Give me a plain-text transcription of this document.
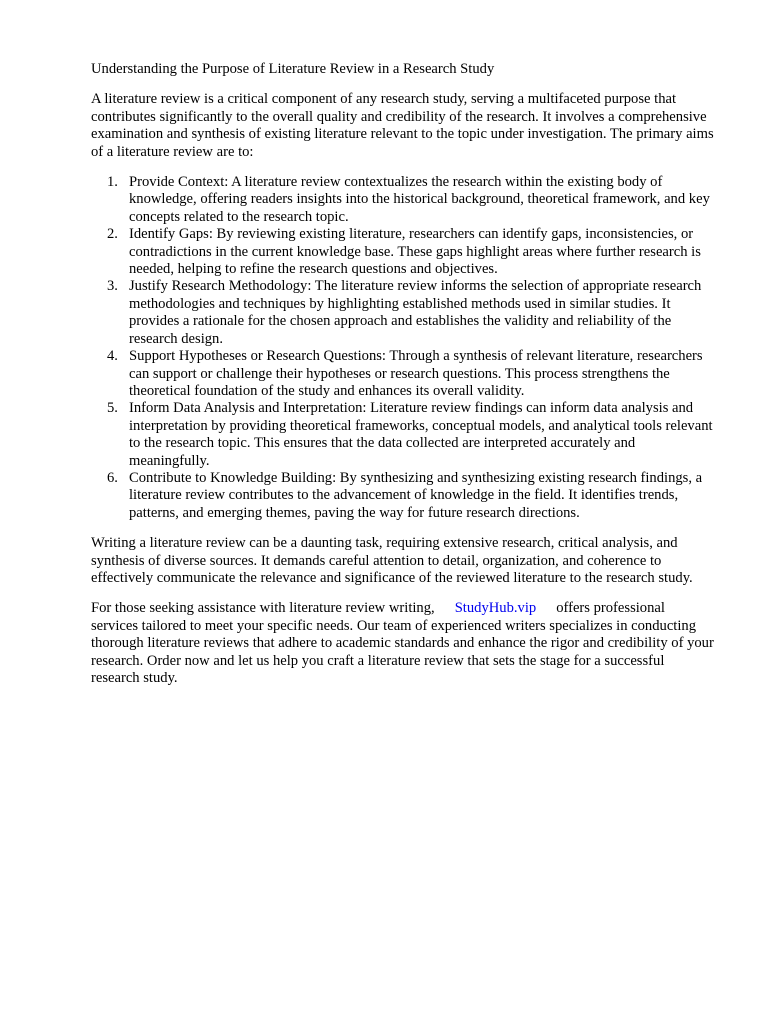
Understanding the Purpose of Literature Review in a Research Study

A literature review is a critical component of any research study, serving a multifaceted purpose that contributes significantly to the overall quality and credibility of the research. It involves a comprehensive examination and synthesis of existing literature relevant to the topic under investigation. The primary aims of a literature review are to:

1. Provide Context: A literature review contextualizes the research within the existing body of knowledge, offering readers insights into the historical background, theoretical framework, and key concepts related to the research topic.
2. Identify Gaps: By reviewing existing literature, researchers can identify gaps, inconsistencies, or contradictions in the current knowledge base. These gaps highlight areas where further research is needed, helping to refine the research questions and objectives.
3. Justify Research Methodology: The literature review informs the selection of appropriate research methodologies and techniques by highlighting established methods used in similar studies. It provides a rationale for the chosen approach and establishes the validity and reliability of the research design.
4. Support Hypotheses or Research Questions: Through a synthesis of relevant literature, researchers can support or challenge their hypotheses or research questions. This process strengthens the theoretical foundation of the study and enhances its overall validity.
5. Inform Data Analysis and Interpretation: Literature review findings can inform data analysis and interpretation by providing theoretical frameworks, conceptual models, and analytical tools relevant to the research topic. This ensures that the data collected are interpreted accurately and meaningfully.
6. Contribute to Knowledge Building: By synthesizing and synthesizing existing research findings, a literature review contributes to the advancement of knowledge in the field. It identifies trends, patterns, and emerging themes, paving the way for future research directions.

Writing a literature review can be a daunting task, requiring extensive research, critical analysis, and synthesis of diverse sources. It demands careful attention to detail, organization, and coherence to effectively communicate the relevance and significance of the reviewed literature to the research study.

For those seeking assistance with literature review writing, StudyHub.vip offers professional services tailored to meet your specific needs. Our team of experienced writers specializes in conducting thorough literature reviews that adhere to academic standards and enhance the rigor and credibility of your research. Order now and let us help you craft a literature review that sets the stage for a successful research study.
